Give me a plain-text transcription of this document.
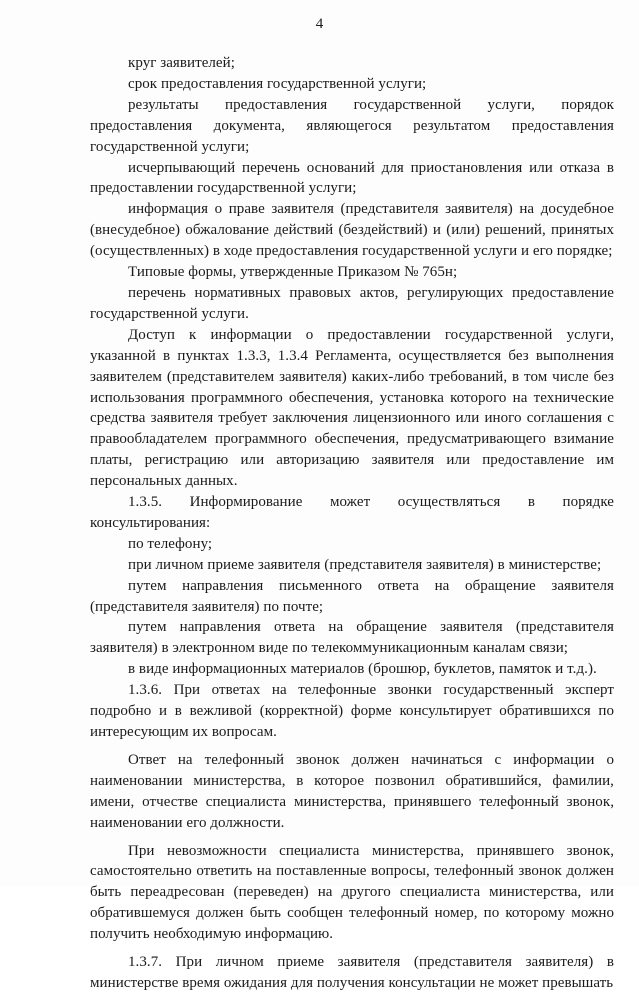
4

круг заявителей;

срок предоставления государственной услуги;

результаты предоставления государственной услуги, порядок предоставления документа, являющегося результатом предоставления государственной услуги;

исчерпывающий перечень оснований для приостановления или отказа в предоставлении государственной услуги;

информация о праве заявителя (представителя заявителя) на досудебное (внесудебное) обжалование действий (бездействий) и (или) решений, принятых (осуществленных) в ходе предоставления государственной услуги и его порядке;

Типовые формы, утвержденные Приказом № 765н;

перечень нормативных правовых актов, регулирующих предоставление государственной услуги.

Доступ к информации о предоставлении государственной услуги, указанной в пунктах 1.3.3, 1.3.4 Регламента, осуществляется без выполнения заявителем (представителем заявителя) каких-либо требований, в том числе без использования программного обеспечения, установка которого на технические средства заявителя требует заключения лицензионного или иного соглашения с правообладателем программного обеспечения, предусматривающего взимание платы, регистрацию или авторизацию заявителя или предоставление им персональных данных.

1.3.5. Информирование может осуществляться в порядке консультирования:

по телефону;

при личном приеме заявителя (представителя заявителя) в министерстве;

путем направления письменного ответа на обращение заявителя (представителя заявителя) по почте;

путем направления ответа на обращение заявителя (представителя заявителя) в электронном виде по телекоммуникационным каналам связи;

в виде информационных материалов (брошюр, буклетов, памяток и т.д.).

1.3.6. При ответах на телефонные звонки государственный эксперт подробно и в вежливой (корректной) форме консультирует обратившихся по интересующим их вопросам.

Ответ на телефонный звонок должен начинаться с информации о наименовании министерства, в которое позвонил обратившийся, фамилии, имени, отчестве специалиста министерства, принявшего телефонный звонок, наименовании его должности.

При невозможности специалиста министерства, принявшего звонок, самостоятельно ответить на поставленные вопросы, телефонный звонок должен быть переадресован (переведен) на другого специалиста министерства, или обратившемуся должен быть сообщен телефонный номер, по которому можно получить необходимую информацию.

1.3.7. При личном приеме заявителя (представителя заявителя) в министерстве время ожидания для получения консультации не может превышать
